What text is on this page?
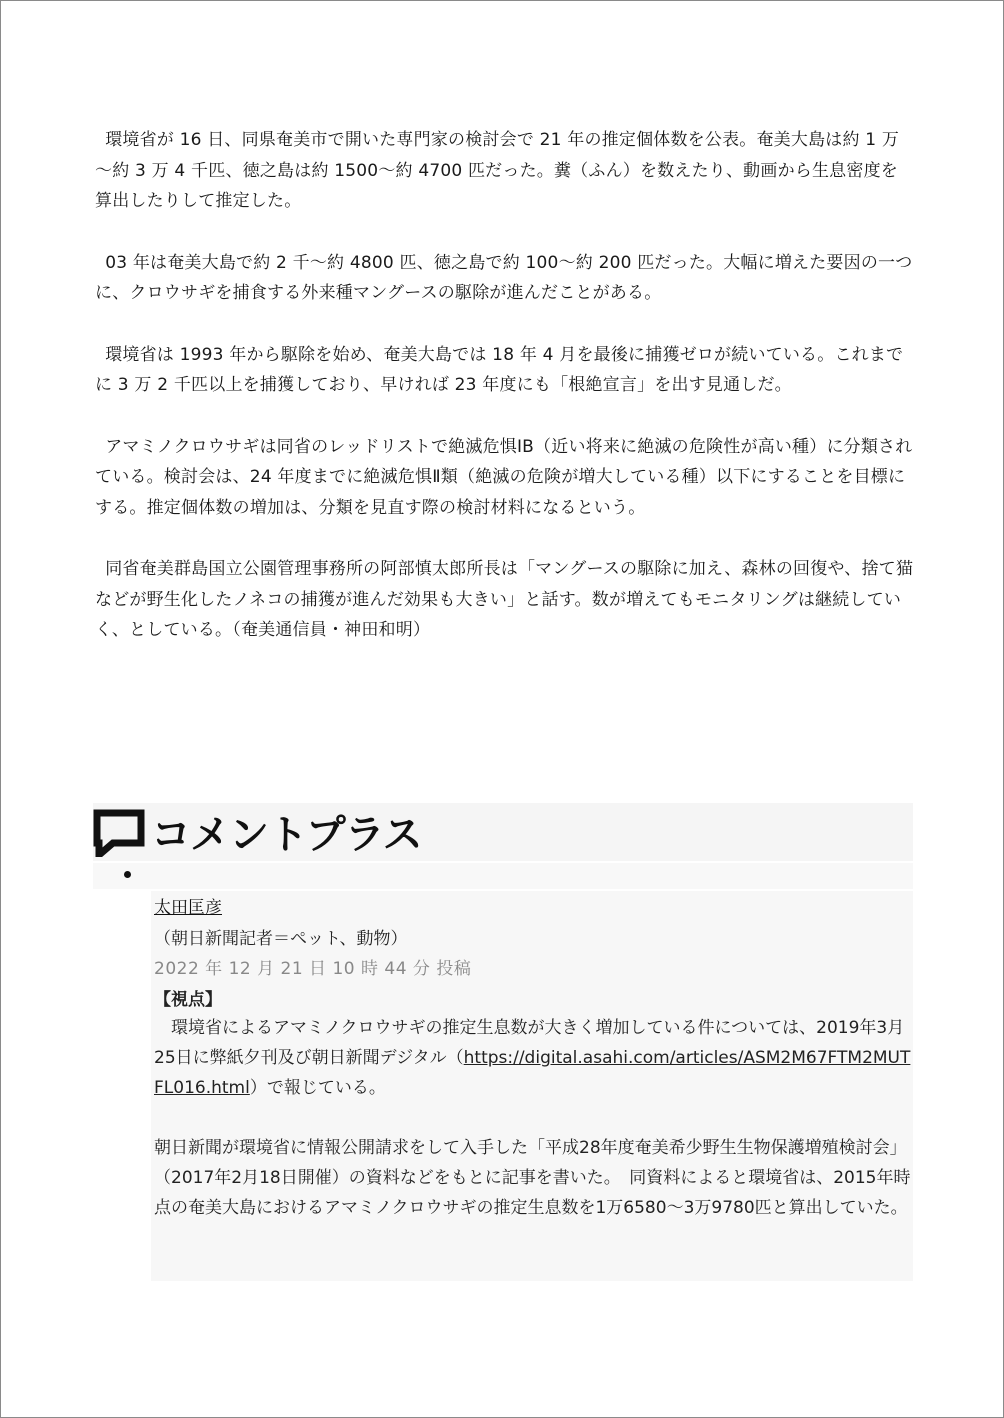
環境省が 16 日、同県奄美市で開いた専門家の検討会で 21 年の推定個体数を公表。奄美大島は約 1 万～約 3 万 4 千匹、徳之島は約 1500～約 4700 匹だった。糞（ふん）を数えたり、動画から生息密度を算出したりして推定した。

03 年は奄美大島で約 2 千～約 4800 匹、徳之島で約 100～約 200 匹だった。大幅に増えた要因の一つに、クロウサギを捕食する外来種マングースの駆除が進んだことがある。

環境省は 1993 年から駆除を始め、奄美大島では 18 年 4 月を最後に捕獲ゼロが続いている。これまでに 3 万 2 千匹以上を捕獲しており、早ければ 23 年度にも「根絶宣言」を出す見通しだ。

アマミノクロウサギは同省のレッドリストで絶滅危惧ⅠB（近い将来に絶滅の危険性が高い種）に分類されている。検討会は、24 年度までに絶滅危惧Ⅱ類（絶滅の危険が増大している種）以下にすることを目標にする。推定個体数の増加は、分類を見直す際の検討材料になるという。

同省奄美群島国立公園管理事務所の阿部慎太郎所長は「マングースの駆除に加え、森林の回復や、捨て猫などが野生化したノネコの捕獲が進んだ効果も大きい」と話す。数が増えてもモニタリングは継続していく、としている。（奄美通信員・神田和明）

コメントプラス
太田匡彦
（朝日新聞記者＝ペット、動物）
2022 年 12 月 21 日 10 時 44 分 投稿
【視点】

　環境省によるアマミノクロウサギの推定生息数が大きく増加している件については、2019年3月25日に弊紙夕刊及び朝日新聞デジタル（https://digital.asahi.com/articles/ASM2M67FTM2MUTFL016.html）で報じている。

朝日新聞が環境省に情報公開請求をして入手した「平成28年度奄美希少野生生物保護増殖検討会」（2017年2月18日開催）の資料などをもとに記事を書いた。　同資料によると環境省は、2015年時点の奄美大島におけるアマミノクロウサギの推定生息数を1万6580～3万9780匹と算出していた。
